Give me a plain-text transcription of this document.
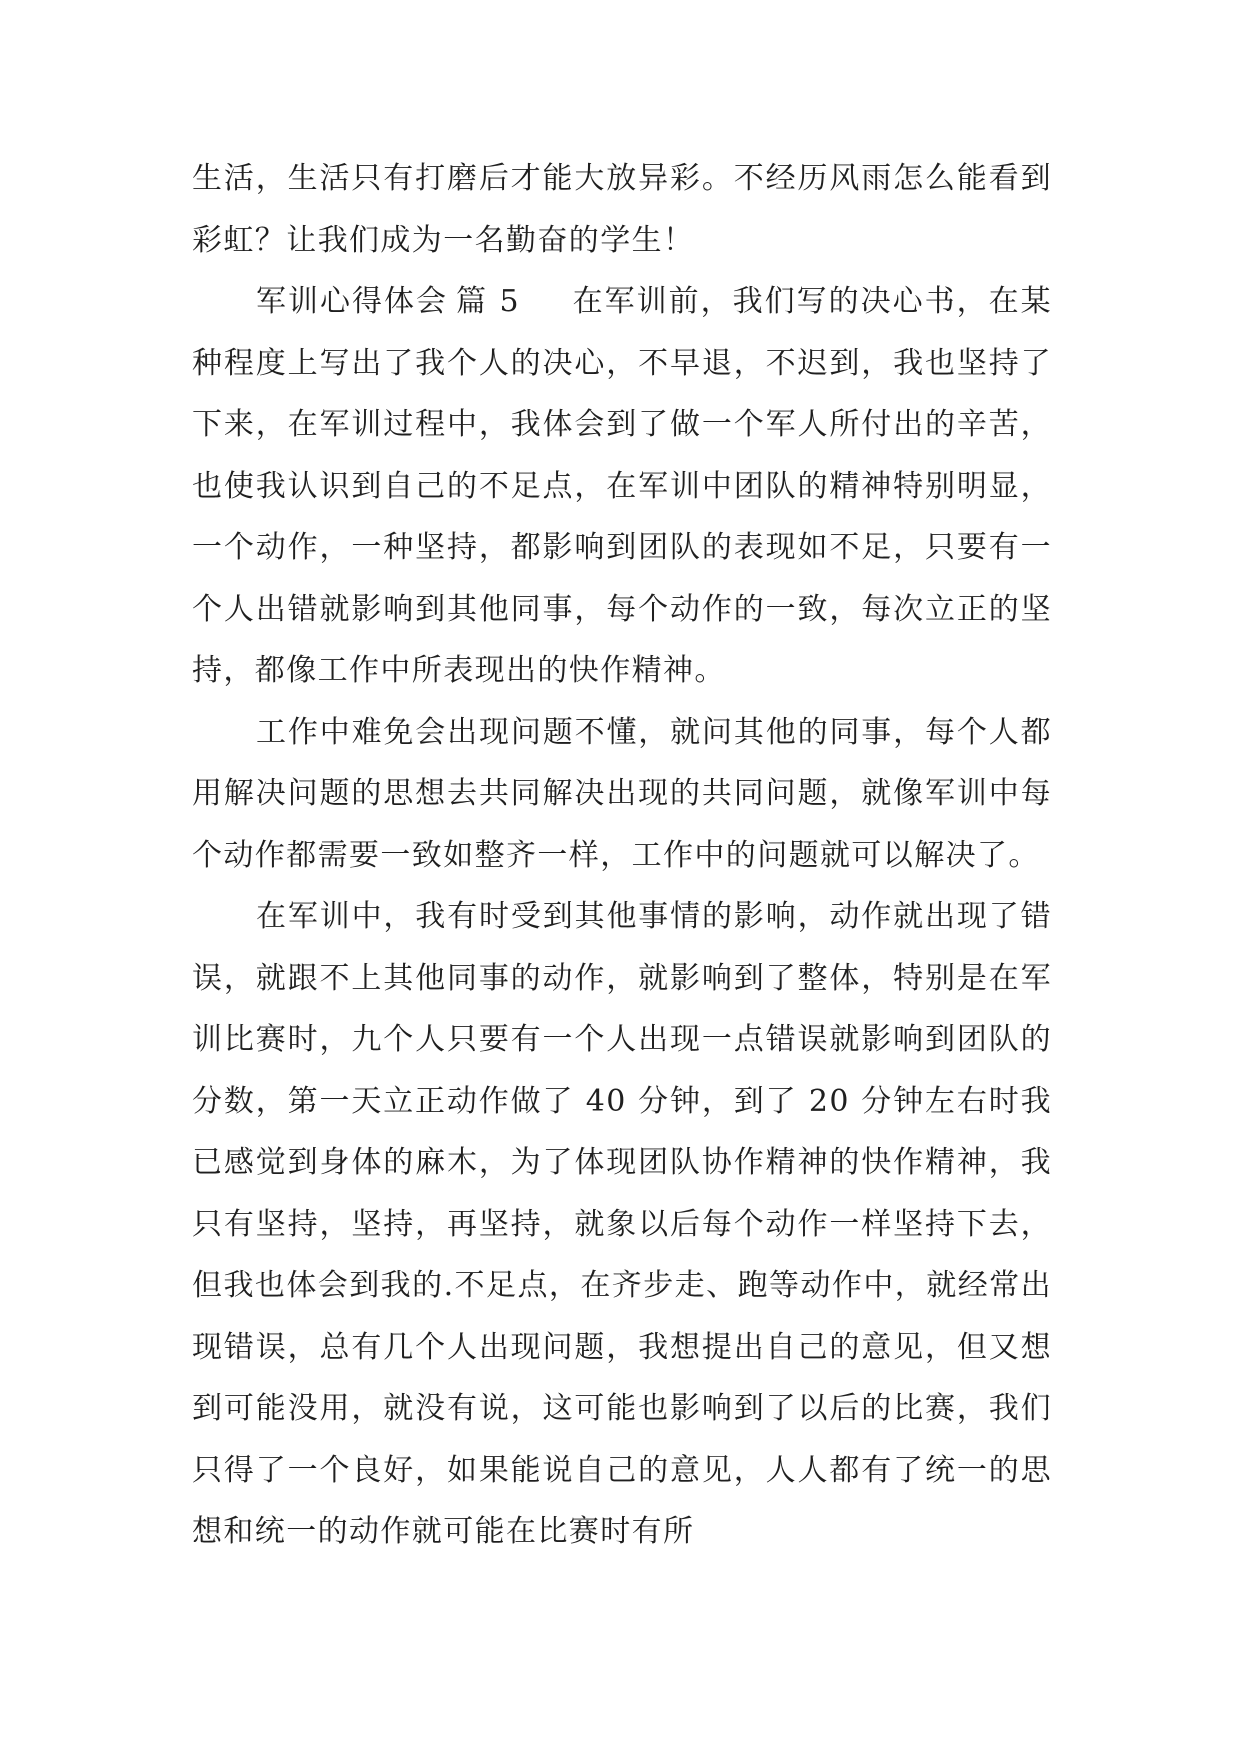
生活，生活只有打磨后才能大放异彩。不经历风雨怎么能看到彩虹？让我们成为一名勤奋的学生！

军训心得体会 篇 5 在军训前，我们写的决心书，在某种程度上写出了我个人的决心，不早退，不迟到，我也坚持了下来，在军训过程中，我体会到了做一个军人所付出的辛苦，也使我认识到自己的不足点，在军训中团队的精神特别明显，一个动作，一种坚持，都影响到团队的表现如不足，只要有一个人出错就影响到其他同事，每个动作的一致，每次立正的坚持，都像工作中所表现出的快作精神。

工作中难免会出现问题不懂，就问其他的同事，每个人都用解决问题的思想去共同解决出现的共同问题，就像军训中每个动作都需要一致如整齐一样，工作中的问题就可以解决了。

在军训中，我有时受到其他事情的影响，动作就出现了错误，就跟不上其他同事的动作，就影响到了整体，特别是在军训比赛时，九个人只要有一个人出现一点错误就影响到团队的分数，第一天立正动作做了 40 分钟，到了 20 分钟左右时我已感觉到身体的麻木，为了体现团队协作精神的快作精神，我只有坚持，坚持，再坚持，就象以后每个动作一样坚持下去，但我也体会到我的.不足点，在齐步走、跑等动作中，就经常出现错误，总有几个人出现问题，我想提出自己的意见，但又想到可能没用，就没有说，这可能也影响到了以后的比赛，我们只得了一个良好，如果能说自己的意见，人人都有了统一的思想和统一的动作就可能在比赛时有所
